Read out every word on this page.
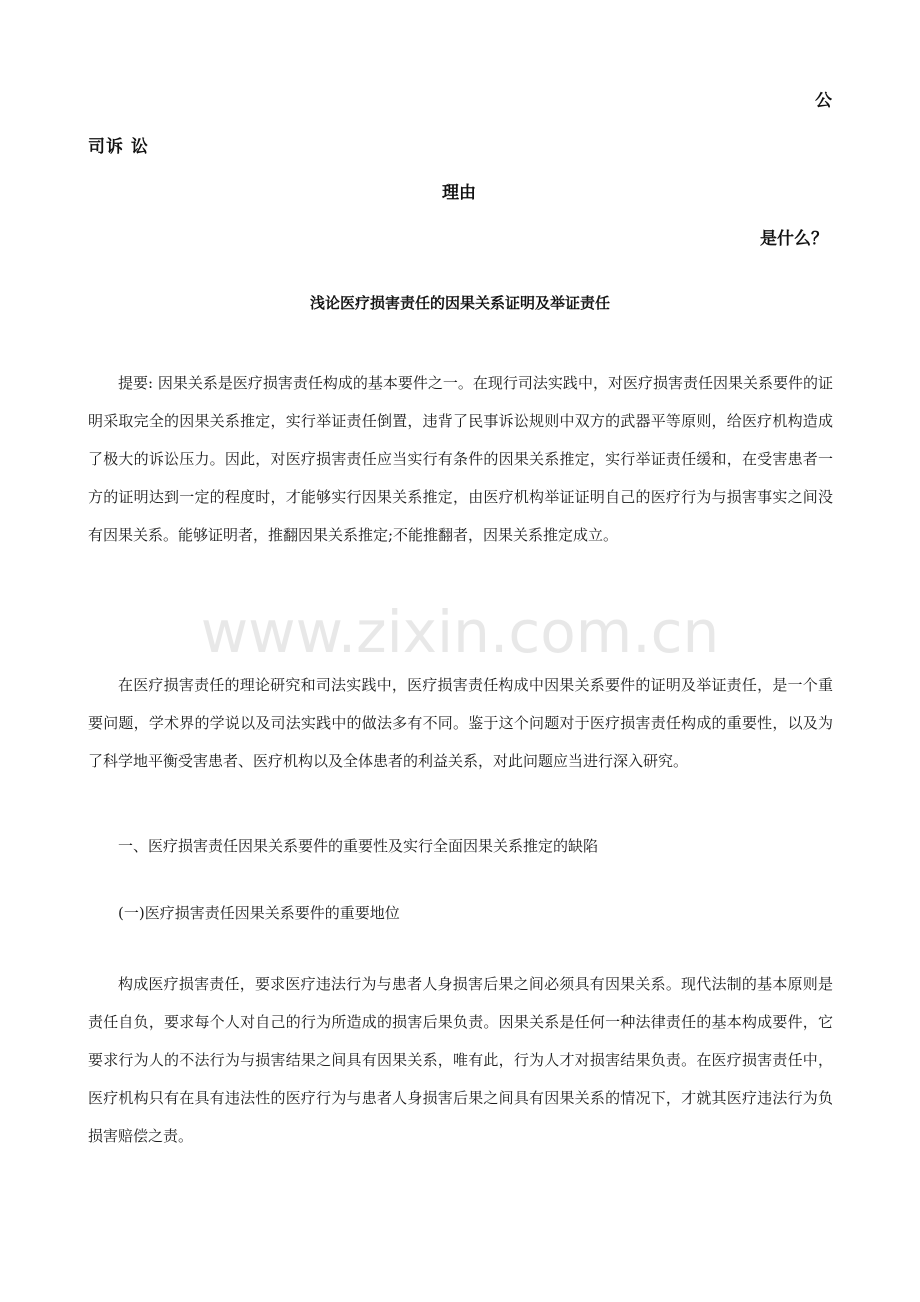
公
司诉 讼
理由
是什么？
浅论医疗损害责任的因果关系证明及举证责任

提要: 因果关系是医疗损害责任构成的基本要件之一。在现行司法实践中，对医疗损害责任因果关系要件的证明采取完全的因果关系推定，实行举证责任倒置，违背了民事诉讼规则中双方的武器平等原则，给医疗机构造成了极大的诉讼压力。因此，对医疗损害责任应当实行有条件的因果关系推定，实行举证责任缓和，在受害患者一方的证明达到一定的程度时，才能够实行因果关系推定，由医疗机构举证证明自己的医疗行为与损害事实之间没有因果关系。能够证明者，推翻因果关系推定;不能推翻者，因果关系推定成立。

www.zixin.com.cn

在医疗损害责任的理论研究和司法实践中，医疗损害责任构成中因果关系要件的证明及举证责任，是一个重要问题，学术界的学说以及司法实践中的做法多有不同。鉴于这个问题对于医疗损害责任构成的重要性，以及为了科学地平衡受害患者、医疗机构以及全体患者的利益关系，对此问题应当进行深入研究。

一、医疗损害责任因果关系要件的重要性及实行全面因果关系推定的缺陷

(一)医疗损害责任因果关系要件的重要地位

构成医疗损害责任，要求医疗违法行为与患者人身损害后果之间必须具有因果关系。现代法制的基本原则是责任自负，要求每个人对自己的行为所造成的损害后果负责。因果关系是任何一种法律责任的基本构成要件，它要求行为人的不法行为与损害结果之间具有因果关系，唯有此，行为人才对损害结果负责。在医疗损害责任中，医疗机构只有在具有违法性的医疗行为与患者人身损害后果之间具有因果关系的情况下，才就其医疗违法行为负损害赔偿之责。
